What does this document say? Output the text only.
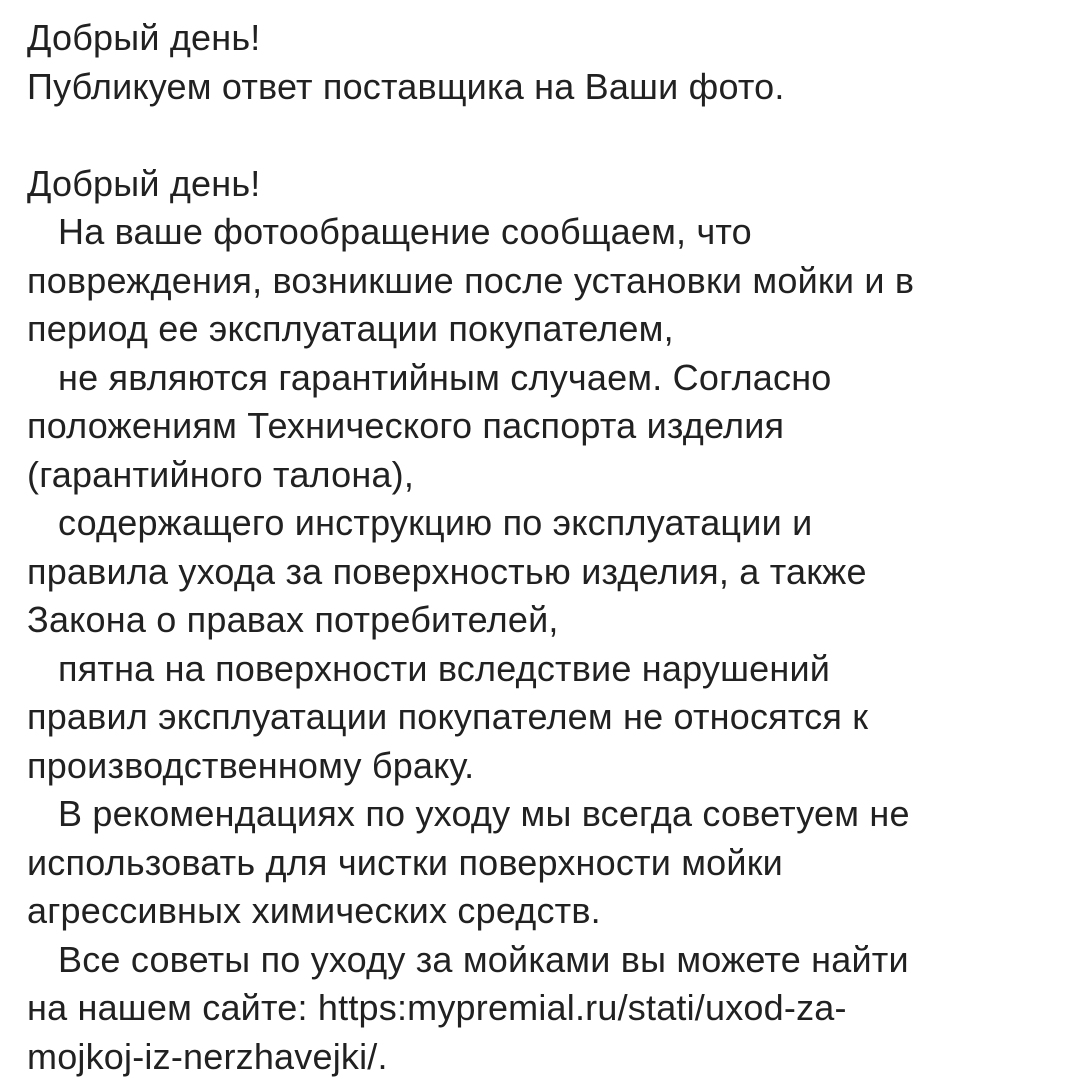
Добрый день!
Публикуем ответ поставщика на Ваши фото.
Добрый день!
На ваше фотообращение сообщаем, что
повреждения, возникшие после установки мойки и в
период ее эксплуатации покупателем,
не являются гарантийным случаем. Согласно
положениям Технического паспорта изделия
(гарантийного талона),
содержащего инструкцию по эксплуатации и
правила ухода за поверхностью изделия, а также
Закона о правах потребителей,
пятна на поверхности вследствие нарушений
правил эксплуатации покупателем не относятся к
производственному браку.
В рекомендациях по уходу мы всегда советуем не
использовать для чистки поверхности мойки
агрессивных химических средств.
Все советы по уходу за мойками вы можете найти
на нашем сайте: https:mypremial.ru/stati/uxod-za-
mojkoj-iz-nerzhavejki/.
